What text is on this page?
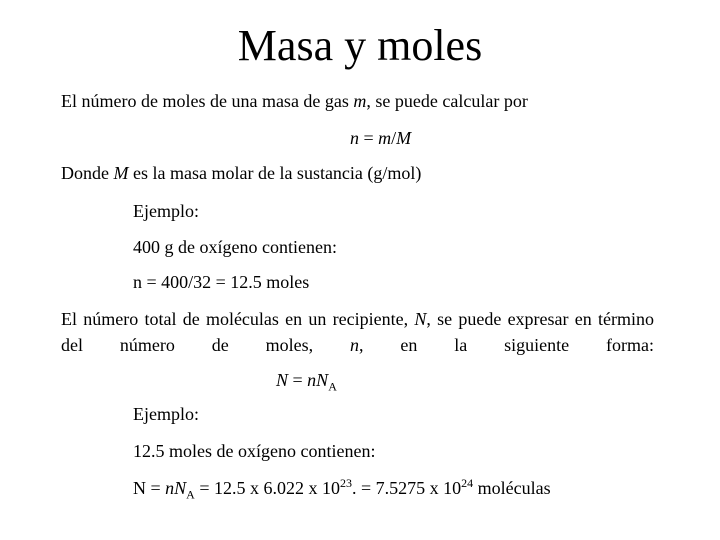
Masa y moles
El número de moles de una masa de gas m, se puede calcular por
n = m/M
Donde M es la masa molar de la sustancia (g/mol)
Ejemplo:
400 g de oxígeno contienen:
n = 400/32 = 12.5 moles
El número total de moléculas en un recipiente, N, se puede expresar en término del número de moles, n, en la siguiente forma:
$N = nN_A$
Ejemplo:
12.5 moles de oxígeno contienen:
$N = nN_A = 12.5$ x 6.022 x $10^{23}$. = 7.5275 x $10^{24}$ moléculas
